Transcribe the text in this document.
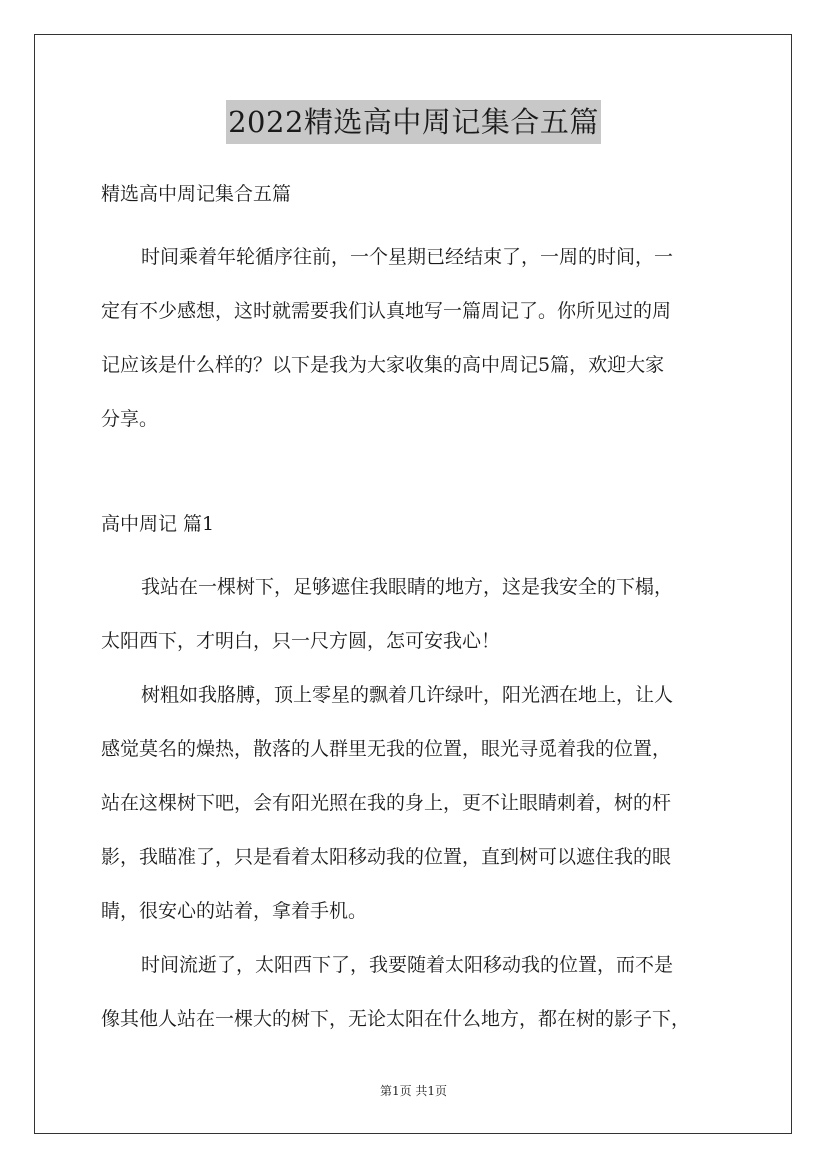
2022精选高中周记集合五篇
精选高中周记集合五篇
时间乘着年轮循序往前，一个星期已经结束了，一周的时间，一
定有不少感想，这时就需要我们认真地写一篇周记了。你所见过的周
记应该是什么样的？以下是我为大家收集的高中周记5篇，欢迎大家
分享。
高中周记 篇1
我站在一棵树下，足够遮住我眼睛的地方，这是我安全的下榻，
太阳西下，才明白，只一尺方圆，怎可安我心！
树粗如我胳膊，顶上零星的飘着几许绿叶，阳光洒在地上，让人
感觉莫名的燥热，散落的人群里无我的位置，眼光寻觅着我的位置，
站在这棵树下吧，会有阳光照在我的身上，更不让眼睛刺着，树的杆
影，我瞄准了，只是看着太阳移动我的位置，直到树可以遮住我的眼
睛，很安心的站着，拿着手机。
时间流逝了，太阳西下了，我要随着太阳移动我的位置，而不是
像其他人站在一棵大的树下，无论太阳在什么地方，都在树的影子下，
第1页 共1页
